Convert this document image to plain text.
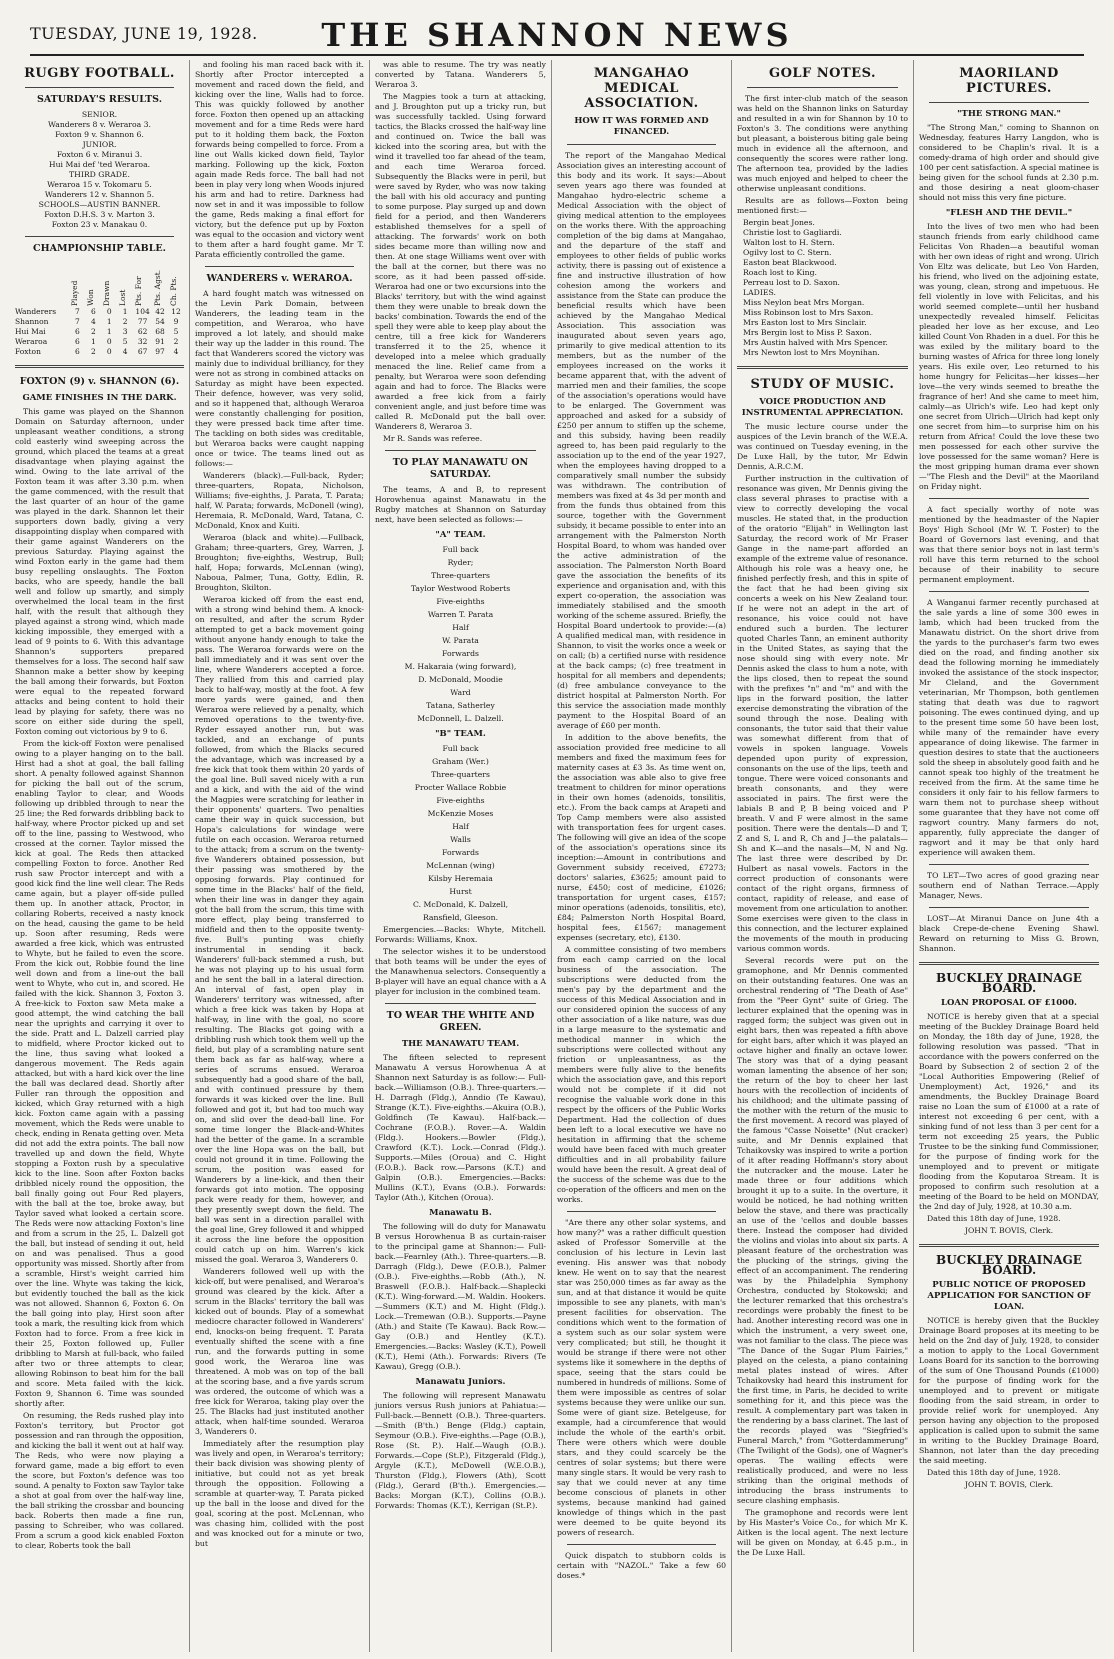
TUESDAY, JUNE 19, 1928.	THE SHANNON NEWS
RUGBY FOOTBALL.
SATURDAY'S RESULTS.
SENIOR.
Wanderers 8 v. Weraroa 3.
Foxton 9 v. Shannon 6.
JUNIOR.
Foxton 6 v. Miranui 3.
Hui Mai def 'ted Weraroa.
THIRD GRADE.
Weraroa 15 v. Tokomaru 5.
Wanderers 12 v. Shannon 5.
SCHOOLS—AUSTIN BANNER.
Foxton D.H.S. 3 v. Marton 3.
Foxton 23 v. Manakau 0.
CHAMPIONSHIP TABLE.
	Played	Won	Drawn	Lost	Pts. For	Pts. Agst.	Ch. Pts.
Wanderers	7	6	0	1	104	42	12
Shannon	7	4	1	2	77	54	9
Hui Mai	6	2	1	3	62	68	5
Weraroa	6	1	0	5	32	91	2
Foxton	6	2	0	4	67	97	4
FOXTON (9) v. SHANNON (6).
GAME FINISHES IN THE DARK.

This game was played on the Shannon Domain on Saturday afternoon, under unpleasant weather conditions, a strong cold easterly wind sweeping across the ground, which placed the teams at a great disadvantage when playing against the wind. Owing to the late arrival of the Foxton team it was after 3.30 p.m. when the game commenced, with the result that the last quarter of an hour of the game was played in the dark. Shannon let their supporters down badly, giving a very disappointing display when compared with their game against Wanderers on the previous Saturday. Playing against the wind Foxton early in the game had them busy repelling onslaughts. The Foxton backs, who are speedy, handle the ball well and follow up smartly, and simply overwhelmed the local team in the first half, with the result that although they played against a strong wind, which made kicking impossible, they emerged with a lead of 9 points to 6. With this advantage Shannon's supporters prepared themselves for a loss. The second half saw Shannon make a better show by keeping the ball among their forwards, but Foxton were equal to the repeated forward attacks and being content to hold their lead by playing for safety, there was no score on either side during the spell, Foxton coming out victorious by 9 to 6.

From the kick-off Foxton were penalised owing to a player hanging on to the ball. Hirst had a shot at goal, the ball falling short. A penalty followed against Shannon for picking the ball out of the scrum, enabling Taylor to clear, and Woods following up dribbled through to near the 25 line; the Red forwards dribbling back to half-way, where Proctor picked up and set off to the line, passing to Westwood, who crossed at the corner. Taylor missed the kick at goal. The Reds then attacked compelling Foxton to force. Another Red rush saw Proctor intercept and with a good kick find the line well clear. The Reds came again, but a player off-side pulled them up. In another attack, Proctor, in collaring Roberts, received a nasty knock on the head, causing the game to be held up. Soon after resuming, Reds were awarded a free kick, which was entrusted to Whyte, but he failed to even the score. From the kick out, Robbie found the line well down and from a line-out the ball went to Whyte, who cut in, and scored. He failed with the kick. Shannon 3, Foxton 3. A free-kick to Foxton saw Meta make a good attempt, the wind catching the ball near the uprights and carrying it over to the side. Pratt and L. Dalzell carried play to midfield, where Proctor kicked out to the line, thus saving what looked a dangerous movement. The Reds again attacked, but with a hard kick over the line the ball was declared dead. Shortly after Fuller ran through the opposition and kicked, which Gray returned with a high kick. Foxton came again with a passing movement, which the Reds were unable to check, ending in Renata getting over. Meta did not add the extra points. The ball now travelled up and down the field, Whyte stopping a Foxton rush by a speculative kick to the line. Soon after Foxton backs dribbled nicely round the opposition, the ball finally going out Four Red players, with the ball at the toe, broke away, but Taylor saved what looked a certain score. The Reds were now attacking Foxton's line and from a scrum in the 25, L. Dalzell got the ball, but instead of sending it out, held on and was penalised. Thus a good opportunity was missed. Shortly after from a scramble, Hirst's weight carried him over the line. Whyte was taking the kick, but evidently touched the ball as the kick was not allowed. Shannon 6, Foxton 6. On the ball going into play, Hirst soon after took a mark, the resulting kick from which Foxton had to force. From a free kick in their 25, Foxton followed up, Fuller dribbling to Marsh at full-back, who failed after two or three attempts to clear, allowing Robinson to beat him for the ball and score. Meta failed with the kick. Foxton 9, Shannon 6. Time was sounded shortly after.

On resuming, the Reds rushed play into Foxton's territory, but Proctor got possession and ran through the opposition, and kicking the ball it went out at half way. The Reds, who were now playing a forward game, made a big effort to even the score, but Foxton's defence was too sound. A penalty to Foxton saw Taylor take a shot at goal from over the half-way line, the ball striking the crossbar and bouncing back. Roberts then made a fine run, passing to Schreiber, who was collared. From a scrum a good kick enabled Foxton to clear, Roberts took the ball

and fooling his man raced back with it. Shortly after Proctor intercepted a movement and raced down the field, and kicking over the line, Walls had to force. This was quickly followed by another force. Foxton then opened up an attacking movement and for a time Reds were hard put to it holding them back, the Foxton forwards being compelled to force. From a line out Walls kicked down field, Taylor marking. Following up the kick, Foxton again made Reds force. The ball had not been in play very long when Woods injured his arm and had to retire. Darkness had now set in and it was impossible to follow the game, Reds making a final effort for victory, but the defence put up by Foxton was equal to the occasion and victory went to them after a hard fought game. Mr T. Parata efficiently controlled the game.

WANDERERS v. WERAROA.

A hard fought match was witnessed on the Levin Park Domain, between Wanderers, the leading team in the competition, and Weraroa, who have improved a lot lately, and should make their way up the ladder in this round. The fact that Wanderers scored the victory was mainly due to individual brilliancy, for they were not as strong in combined attacks on Saturday as might have been expected. Their defence, however, was very solid, and so it happened that, although Weraroa were constantly challenging for position, they were pressed back time after time. The tackling on both sides was creditable, but Weraroa backs were caught napping once or twice. The teams lined out as follows:—

Wanderers (black).—Full-back, Ryder; three-quarters, Ropata, Nicholson, Williams; five-eighths, J. Parata, T. Parata; half, W. Parata; forwards, McDonell (wing), Heremaia, R. McDonald, Ward, Tatana, C. McDonald, Knox and Kuiti.

Weraroa (black and white).—Fullback, Graham; three-quarters, Grey, Warren, J. Broughton; five-eighths, Westrup, Bull; half, Hopa; forwards, McLennan (wing), Naboua, Palmer, Tuna, Gotty, Edlin, R. Broughton, Skilton.

Weraroa kicked off from the east end, with a strong wind behind them. A knock-on resulted, and after the scrum Ryder attempted to get a back movement going without anyone handy enough to take the pass. The Weraroa forwards were on the ball immediately and it was sent over the line, where Wanderers accepted a force. They rallied from this and carried play back to half-way, mostly at the foot. A few more yards were gained, and then Weraroa were relieved by a penalty, which removed operations to the twenty-five. Ryder essayed another run, but was tackled, and an exchange of punts followed, from which the Blacks secured the advantage, which was increased by a free kick that took them within 20 yards of the goal line. Bull saved nicely with a run and a kick, and with the aid of the wind the Magpies were scratching for leather in their opponents' quarters. Two penalties came their way in quick succession, but Hopa's calculations for windage were futile on each occasion. Weraroa returned to the attack; from a scrum on the twenty-five Wanderers obtained possession, but their passing was smothered by the opposing forwards. Play continued for some time in the Blacks' half of the field, when their line was in danger they again got the ball from the scrum, this time with more effect, play being transferred to midfield and then to the opposite twenty-five. Bull's punting was chiefly instrumental in sending it back. Wanderers' full-back stemmed a rush, but he was not playing up to his usual form and he sent the ball in a lateral direction. An interval of fast, open play in Wanderers' territory was witnessed, after which a free kick was taken by Hopa at half-way, in line with the goal, no score resulting. The Blacks got going with a dribbling rush which took them well up the field, but play of a scrambling nature sent them back as far as half-way, where a series of scrums ensued. Weraroa subsequently had a good share of the ball, and with continued pressure by them forwards it was kicked over the line. Bull followed and got it, but had too much way on, and slid over the dead-ball line. For some time longer the Black-and-Whites had the better of the game. In a scramble over the line Hopa was on the ball, but could not ground it in time. Following the scrum, the position was eased for Wanderers by a line-kick, and then their forwards got into motion. The opposing pack were ready for them, however, and they presently swept down the field. The ball was sent in a direction parallel with the goal line, Grey followed it and whipped it across the line before the opposition could catch up on him. Warren's kick missed the goal. Weraroa 3, Wanderers 0.

Wanderers followed well up with the kick-off, but were penalised, and Weraroa's ground was cleared by the kick. After a scrum in the Blacks' territory the ball was kicked out of bounds. Play of a somewhat mediocre character followed in Wanderers' end, knocks-on being frequent. T. Parata eventually shifted the scene with a fine run, and the forwards putting in some good work, the Weraroa line was threatened. A mob was on top of the ball at the scoring base, and a five yards scrum was ordered, the outcome of which was a free kick for Weraroa, taking play over the 25. The Blacks had just instituted another attack, when half-time sounded. Weraroa 3, Wanderers 0.

Immediately after the resumption play was lively and open, in Weraroa's territory; their back division was showing plenty of initiative, but could not as yet break through the opposition. Following a scramble at quarter-way, T. Parata picked up the ball in the loose and dived for the goal, scoring at the post. McLennan, who was chasing him, collided with the post and was knocked out for a minute or two, but

was able to resume. The try was neatly converted by Tatana. Wanderers 5, Weraroa 3.

The Magpies took a turn at attacking, and J. Broughton put up a tricky run, but was successfully tackled. Using forward tactics, the Blacks crossed the half-way line and continued on. Twice the ball was kicked into the scoring area, but with the wind it travelled too far ahead of the team, and each time Weraroa forced. Subsequently the Blacks were in peril, but were saved by Ryder, who was now taking the ball with his old accuracy and punting to some purpose. Play surged up and down field for a period, and then Wanderers established themselves for a spell of attacking. The forwards' work on both sides became more than willing now and then. At one stage Williams went over with the ball at the corner, but there was no score, as it had been passed off-side. Weraroa had one or two excursions into the Blacks' territory, but with the wind against them they were unable to break down the backs' combination. Towards the end of the spell they were able to keep play about the centre, till a free kick for Wanderers transferred it to the 25, whence it developed into a melee which gradually menaced the line. Relief came from a penalty, but Weraroa were soon defending again and had to force. The Blacks were awarded a free kick from a fairly convenient angle, and just before time was called R. McDonald put the ball over. Wanderers 8, Weraroa 3.

Mr R. Sands was referee.

TO PLAY MANAWATU ON SATURDAY.

The teams, A and B, to represent Horowhenua against Manawatu in the Rugby matches at Shannon on Saturday next, have been selected as follows:—

"A" TEAM.
Full back
Ryder;
Three-quarters
Taylor Westwood Roberts
Five-eighths
Warren T. Parata
Half
W. Parata
Forwards
M. Hakaraia (wing forward),
D. McDonald, Moodie
Ward
Tatana, Satherley
McDonnell, L. Dalzell.
"B" TEAM.
Full back
Graham (Wer.)
Three-quarters
Procter Wallace Robbie
Five-eighths
McKenzie Moses
Half
Walls
Forwards
McLennan (wing)
Kilsby Heremaia
Hurst
C. McDonald, K. Dalzell,
Ransfield, Gleeson.

Emergencies.—Backs: Whyte, Mitchell. Forwards: Williams, Knox.

The selector wishes it to be understood that both teams will be under the eyes of the Manawhenua selectors. Consequently a B-player will have an equal chance with a A player for inclusion in the combined team.

TO WEAR THE WHITE AND GREEN.
THE MANAWATU TEAM.

The fifteen selected to represent Manawatu A versus Horowhenua A at Shannon next Saturday is as follow:— Full-back.—Williamson (O.B.). Three-quarters.—H. Darragh (Fldg.), Anndio (Te Kawau), Strange (K.T.). Five-eighths.—Akuira (O.B.), Goldfinch (Te Kawau). Half-back.—Cochrane (F.O.B.). Rover.—A. Waldin (Fldg.). Hookers.—Bowler (Fldg.), Crawford (K.T.). Lock.—Conrad (Fldg.). Supports.—Miles (Oroua) and C. Hight (F.O.B.). Back row.—Parsons (K.T.) and Galpin (O.B.). Emergencies.—Backs: Mullins (K.T.), Evans (O.B.). Forwards: Taylor (Ath.), Kitchen (Oroua).

Manawatu B.

The following will do duty for Manawatu B versus Horowhenua B as curtain-raiser to the principal game at Shannon:— Full-back.—Fearnley (Ath.). Three-quarters.—B. Darragh (Fldg.), Dewe (F.O.B.), Palmer (O.B.). Five-eighths.—Robb (Ath.), N. Braswell (F.O.B.). Half-back.—Shaplecki (K.T.). Wing-forward.—M. Waldin. Hookers.—Summers (K.T.) and M. Hight (Fldg.). Lock.—Tremewan (O.B.). Supports.—Payne (Ath.) and Staite (Te Kawau). Back Row.—Gay (O.B.) and Hentley (K.T.). Emergencies.—Backs: Wasley (K.T.), Powell (K.T.), Hemi (Ath.). Forwards: Rivers (Te Kawau), Gregg (O.B.).

Manawatu Juniors.

The following will represent Manawatu juniors versus Rush juniors at Pahiatua:— Full-back.—Bennett (O.B.). Three-quarters.—Smith (B'th.) Benge (Fldg.) captain, Seymour (O.B.). Five-eighths.—Page (O.B.), Rose (St. P.). Half.—Waugh (O.B.). Forwards.—Cope (St.P.), Fitzgerald (Fldg.), Argyle (K.T.), McDowell (W.E.O.B.), Thurston (Fldg.), Flowers (Ath), Scott (Fldg.), Gerard (B'th.). Emergencies.—Backs: Morgan (K.T.), Collins (O.B.). Forwards: Thomas (K.T.), Kerrigan (St.P.).

MANGAHAO MEDICAL ASSOCIATION.
HOW IT WAS FORMED AND FINANCED.

The report of the Mangahao Medical Association gives an interesting account of this body and its work. It says:—About seven years ago there was founded at Mangahao hydro-electric scheme a Medical Association with the object of giving medical attention to the employees on the works there. With the approaching completion of the big dams at Mangahao, and the departure of the staff and employees to other fields of public works activity, there is passing out of existence a fine and instructive illustration of how cohesion among the workers and assistance from the State can produce the beneficial results which have been achieved by the Mangahao Medical Association. This association was inaugurated about seven years ago, primarily to give medical attention to its members, but as the number of the employees increased on the works it became apparent that, with the advent of married men and their families, the scope of the association's operations would have to be enlarged. The Government was approached and asked for a subsidy of £250 per annum to stiffen up the scheme, and this subsidy, having been readily agreed to, has been paid regularly to the association up to the end of the year 1927, when the employees having dropped to a comparatively small number the subsidy was withdrawn. The contribution of members was fixed at 4s 3d per month and from the funds thus obtained from this source, together with the Government subsidy, it became possible to enter into an arrangement with the Palmerston North Hospital Board, to whom was handed over the active administration of the association. The Palmerston North Board gave the association the benefits of its experience and organisation and, with this expert co-operation, the association was immediately stabilised and the smooth working of the scheme assured. Briefly, the Hospital Board undertook to provide:—(a) A qualified medical man, with residence in Shannon, to visit the works once a week or on call; (b) a certified nurse with residence at the back camps; (c) free treatment in hospital for all members and dependents; (d) free ambulance conveyance to the district hospital at Palmerston North. For this service the association made monthly payment to the Hospital Board of an average of £60 per month.

In addition to the above benefits, the association provided free medicine to all members and fixed the maximum fees for maternity cases at £3 3s. As time went on, the association was able also to give free treatment to children for minor operations in their own homes (adenoids, tonsilitis, etc.). From the back camps at Arapeti and Top Camp members were also assisted with transportation fees for urgent cases. The following will give an idea of the scope of the association's operations since its inception:—Amount in contributions and Government subsidy received, £7273; doctors' salaries, £3625; amount paid to nurse, £450; cost of medicine, £1026; transportation for urgent cases, £157; minor operations (adenoids, tonsilitis, etc), £84; Palmerston North Hospital Board, hospital fees, £1567; management expenses (secretary, etc), £130.

A committee consisting of two members from each camp carried on the local business of the association. The subscriptions were deducted from the men's pay by the department and the success of this Medical Association and in our considered opinion the success of any other association of a like nature, was due in a large measure to the systematic and methodical manner in which the subscriptions were collected without any friction or unpleasantness, as the members were fully alive to the benefits which the association gave, and this report would not be complete if it did not recognise the valuable work done in this respect by the officers of the Public Works Department. Had the collection of dues been left to a local executive we have no hesitation in affirming that the scheme would have been faced with much greater difficulties and in all probability failure would have been the result. A great deal of the success of the scheme was due to the co-operation of the officers and men on the works.

"Are there any other solar systems, and how many?" was a rather difficult question asked of Professor Somerville at the conclusion of his lecture in Levin last evening. His answer was that nobody knew. He went on to say that the nearest star was 250,000 times as far away as the sun, and at that distance it would be quite impossible to see any planets, with man's present facilities for observation. The conditions which went to the formation of a system such as our solar system were very complicated; but still, he thought it would be strange if there were not other systems like it somewhere in the depths of space, seeing that the stars could be numbered in hundreds of millions. Some of them were impossible as centres of solar systems because they were unlike our sun. Some were of giant size. Betelgeuse, for example, had a circumference that would include the whole of the earth's orbit. There were others which were double stars, and they could scarcely be the centres of solar systems; but there were many single stars. It would be very rash to say that we could never at any time become conscious of planets in other systems, because mankind had gained knowledge of things which in the past were deemed to be quite beyond its powers of research.

Quick dispatch to stubborn colds is certain with "NAZOL." Take a few 60 doses.*

GOLF NOTES.

The first inter-club match of the season was held on the Shannon links on Saturday and resulted in a win for Shannon by 10 to Foxton's 3. The conditions were anything but pleasant, a boisterous biting gale being much in evidence all the afternoon, and consequently the scores were rather long. The afternoon tea, provided by the ladies was much enjoyed and helped to cheer the otherwise unpleasant conditions.

Results are as follows—Foxton being mentioned first:—

Bergin beat Jones.
Christie lost to Gagliardi.
Walton lost to H. Stern.
Ogilvy lost to C. Stern.
Easton beat Blackwood.
Roach lost to King.
Perreau lost to D. Saxon.
LADIES.
Miss Neylon beat Mrs Morgan.
Miss Robinson lost to Mrs Saxon.
Mrs Easton lost to Mrs Sinclair.
Mrs Bergin lost to Miss P. Saxon.
Mrs Austin halved with Mrs Spencer.
Mrs Newton lost to Mrs Moynihan.
STUDY OF MUSIC.
VOICE PRODUCTION AND INSTRUMENTAL APPRECIATION.

The music lecture course under the auspices of the Levin branch of the W.E.A. was continued on Tuesday evening, in the De Luxe Hall, by the tutor, Mr Edwin Dennis, A.R.C.M.

Further instruction in the cultivation of resonance was given, Mr Dennis giving the class several phrases to practise with a view to correctly developing the vocal muscles. He stated that, in the production of the oratorio "Elijah" in Wellington last Saturday, the record work of Mr Fraser Gange in the name-part afforded an example of the extreme value of resonance. Although his role was a heavy one, he finished perfectly fresh, and this in spite of the fact that he had been giving six concerts a week on his New Zealand tour. If he were not an adept in the art of resonance, his voice could not have endured such a burden. The lecturer quoted Charles Tann, an eminent authority in the United States, as saying that the nose should sing with every note. Mr Dennis asked the class to hum a note, with the lips closed, then to repeat the sound with the prefixes "n" and "m" and with the lips in the forward position, the latter exercise demonstrating the vibration of the sound through the nose. Dealing with consonants, the tutor said that their value was somewhat different from that of vowels in spoken language. Vowels depended upon purity of expression, consonants on the use of the lips, teeth and tongue. There were voiced consonants and breath consonants, and they were associated in pairs. The first were the labials B and P, B being voiced and P breath. V and F were almost in the same position. There were the dentals—D and T, Z and S, L and R, Ch and J—the palatals—Sh and K—and the nasals—M, N and Ng. The last three were described by Dr. Hulbert as nasal vowels. Factors in the correct production of consonants were contact of the right organs, firmness of contact, rapidity of release, and ease of movement from one articulation to another. Some exercises were given to the class in this connection, and the lecturer explained the movements of the mouth in producing various common words.

Several records were put on the gramophone, and Mr Dennis commented on their outstanding features. One was an orchestral rendering of "The Death of Ase" from the "Peer Gynt" suite of Grieg. The lecturer explained that the opening was in ragged form; the subject was given out in eight bars, then was repeated a fifth above for eight bars, after which it was played an octave higher and finally an octave lower. The story was that of a dying peasant woman lamenting the absence of her son; the return of the boy to cheer her last hours with the recollection of incidents of his childhood; and the ultimate passing of the mother with the return of the music to the first movement. A record was played of the famous "Casse Noisette" (Nut cracker) suite, and Mr Dennis explained that Tchaikovsky was inspired to write a portion of it after reading Hoffmann's story about the nutcracker and the mouse. Later he made three or four additions which brought it up to a suite. In the overture, it would be noticed, he had nothing written below the stave, and there was practically an use of the 'cellos and double basses there. Instead the composer had divided the violins and violas into about six parts. A pleasant feature of the orchestration was the plucking of the strings, giving the effect of an accompaniment. The rendering was by the Philadelphia Symphony Orchestra, conducted by Stokowski; and the lecturer remarked that this orchestra's recordings were probably the finest to be had. Another interesting record was one in which the instrument, a very sweet one, was not familiar to the class. The piece was "The Dance of the Sugar Plum Fairies," played on the celesta, a piano containing metal plates instead of wires. After Tchaikovsky had heard this instrument for the first time, in Paris, he decided to write something for it, and this piece was the result. A complementary part was taken in the rendering by a bass clarinet. The last of the records played was "Siegfried's Funeral March," from "Gotterdammerung" (The Twilight of the Gods), one of Wagner's operas. The wailing effects were realistically produced, and were no less striking than the original methods of introducing the brass instruments to secure clashing emphasis.

The gramophone and records were lent by His Master's Voice Co., for which Mr K. Aitken is the local agent. The next lecture will be given on Monday, at 6.45 p.m., in the De Luxe Hall.

MAORILAND PICTURES.
"THE STRONG MAN."

"The Strong Man," coming to Shannon on Wednesday, features Harry Langdon, who is considered to be Chaplin's rival. It is a comedy-drama of high order and should give 100 per cent satisfaction. A special matinee is being given for the school funds at 2.30 p.m. and those desiring a neat gloom-chaser should not miss this very fine picture.

"FLESH AND THE DEVIL."

Into the lives of two men who had been staunch friends from early childhood came Felicitas Von Rhaden—a beautiful woman with her own ideas of right and wrong. Ulrich Von Eltz was delicate, but Leo Von Harden, his friend, who lived on the adjoining estate, was young, clean, strong and impetuous. He fell violently in love with Felicitas, and his world seemed complete—until her husband unexpectedly revealed himself. Felicitas pleaded her love as her excuse, and Leo killed Count Von Rhaden in a duel. For this he was exiled by the military board to the burning wastes of Africa for three long lonely years. His exile over, Leo returned to his home hungry for Felicitas—her kisses—her love—the very winds seemed to breathe the fragrance of her! And she came to meet him, calmly—as Ulrich's wife. Leo had kept only one secret from Ulrich—Ulrich had kept only one secret from him—to surprise him on his return from Africa! Could the love these two men possessed for each other survive the love possessed for the same woman? Here is the most gripping human drama ever shown—"The Flesh and the Devil" at the Maoriland on Friday night.

A fact specially worthy of note was mentioned by the headmaster of the Napier Boys' High School (Mr W. T. Foster) to the Board of Governors last evening, and that was that there senior boys not in last term's roll have this term returned to the school because of their inability to secure permanent employment.

A Wanganui farmer recently purchased at the sale yards a line of some 300 ewes in lamb, which had been trucked from the Manawatu district. On the short drive from the yards to the purchaser's farm two ewes died on the road, and finding another six dead the following morning he immediately invoked the assistance of the stock inspector, Mr Cleland, and the Government veterinarian, Mr Thompson, both gentlemen stating that death was due to ragwort poisoning. The ewes continued dying, and up to the present time some 50 have been lost, while many of the remainder have every appearance of doing likewise. The farmer in question desires to state that the auctioneers sold the sheep in absolutely good faith and he cannot speak too highly of the treatment he received from the firm. At the same time he considers it only fair to his fellow farmers to warn them not to purchase sheep without some guarantee that they have not come off ragwort country. Many farmers do not, apparently, fully appreciate the danger of ragwort and it may be that only hard experience will awaken them.

TO LET—Two acres of good grazing near southern end of Nathan Terrace.—Apply Manager, News.

LOST—At Miranui Dance on June 4th a black Crepe-de-chene Evening Shawl. Reward on returning to Miss G. Brown, Shannon.

BUCKLEY DRAINAGE BOARD.
LOAN PROPOSAL OF £1000.

NOTICE is hereby given that at a special meeting of the Buckley Drainage Board held on Monday, the 18th day of June, 1928, the following resolution was passed. "That in accordance with the powers conferred on the Board by Subsection 2 of section 2 of the "Local Authorities Empowering (Relief of Unemployment) Act, 1926," and its amendments, the Buckley Drainage Board raise no Loan the sum of £1000 at a rate of interest not exceeding 6 per cent, with a sinking fund of not less than 3 per cent for a term not exceeding 25 years, the Public Trustee to be the sinking fund Commissioner, for the purpose of finding work for the unemployed and to prevent or mitigate flooding from the Koputaroa Stream. It is proposed to confirm such resolution at a meeting of the Board to be held on MONDAY, the 2nd day of July, 1928, at 10.30 a.m.

Dated this 18th day of June, 1928.

JOHN T. BOVIS, Clerk.

BUCKLEY DRAINAGE BOARD.
PUBLIC NOTICE OF PROPOSED APPLICATION FOR SANCTION OF LOAN.

NOTICE is hereby given that the Buckley Drainage Board proposes at its meeting to be held on the 2nd day of July, 1928, to consider a motion to apply to the Local Government Loans Board for its sanction to the borrowing of the sum of One Thousand Pounds (£1000) for the purpose of finding work for the unemployed and to prevent or mitigate flooding from the said stream, in order to provide relief work for unemployed. Any person having any objection to the proposed application is called upon to submit the same in writing to the Buckley Drainage Board, Shannon, not later than the day preceding the said meeting.

Dated this 18th day of June, 1928.

JOHN T. BOVIS, Clerk.
